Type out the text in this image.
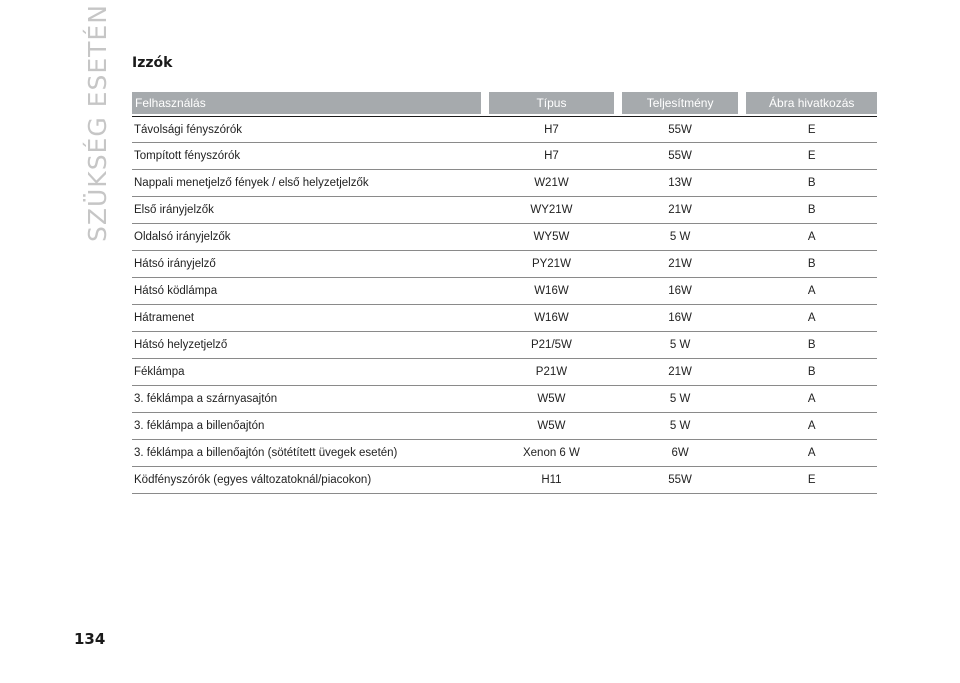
SZÜKSÉG ESETÉN
134
Izzók
Felhasználás	Típus	Teljesítmény	Ábra hivatkozás
Távolsági fényszórók	H7	55W	E
Tompított fényszórók	H7	55W	E
Nappali menetjelző fények / első helyzetjelzők	W21W	13W	B
Első irányjelzők	WY21W	21W	B
Oldalsó irányjelzők	WY5W	5 W	A
Hátsó irányjelző	PY21W	21W	B
Hátsó ködlámpa	W16W	16W	A
Hátramenet	W16W	16W	A
Hátsó helyzetjelző	P21/5W	5 W	B
Féklámpa	P21W	21W	B
3. féklámpa a szárnyasajtón	W5W	5 W	A
3. féklámpa a billenőajtón	W5W	5 W	A
3. féklámpa a billenőajtón (sötétített üvegek esetén)	Xenon 6 W	6W	A
Ködfényszórók (egyes változatoknál/piacokon)	H11	55W	E
